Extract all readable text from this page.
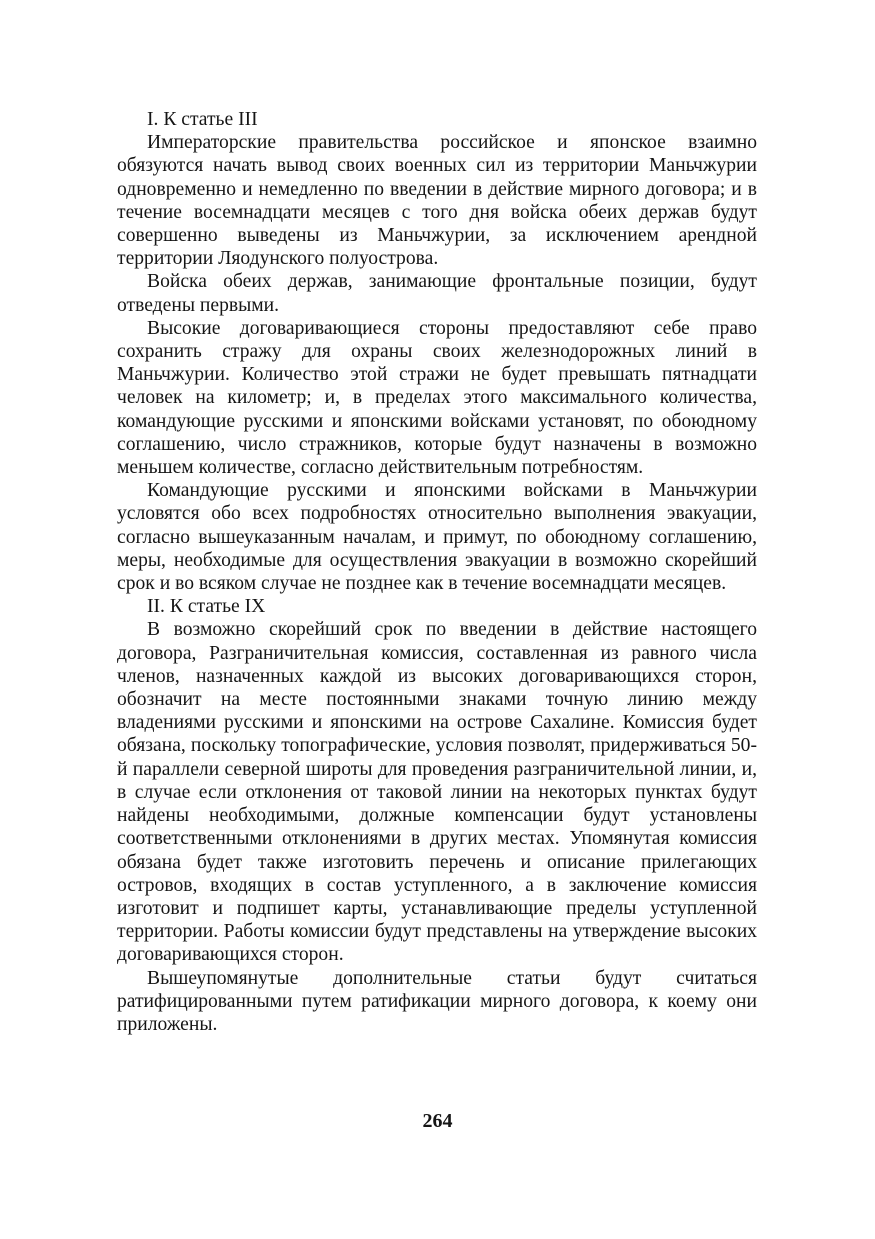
I. К статье III

Императорские правительства российское и японское взаимно обязуются начать вывод своих военных сил из территории Маньчжурии одновременно и немедленно по введении в действие мирного договора; и в течение восемнадцати месяцев с того дня войска обеих держав будут совершенно выведены из Маньчжурии, за исключением арендной территории Ляодунского полуострова.

Войска обеих держав, занимающие фронтальные позиции, будут отведены первыми.

Высокие договаривающиеся стороны предоставляют себе право сохранить стражу для охраны своих железнодорожных линий в Маньчжурии. Количество этой стражи не будет превышать пятнадцати человек на километр; и, в пределах этого максимального количества, командующие русскими и японскими войсками установят, по обоюдному соглашению, число стражников, которые будут назначены в возможно меньшем количестве, согласно действительным потребностям.

Командующие русскими и японскими войсками в Маньчжурии условятся обо всех подробностях относительно выполнения эвакуации, согласно вышеуказанным началам, и примут, по обоюдному соглашению, меры, необходимые для осуществления эвакуации в возможно скорейший срок и во всяком случае не позднее как в течение восемнадцати месяцев.

II. К статье IX

В возможно скорейший срок по введении в действие настоящего договора, Разграничительная комиссия, составленная из равного числа членов, назначенных каждой из высоких договаривающихся сторон, обозначит на месте постоянными знаками точную линию между владениями русскими и японскими на острове Сахалине. Комиссия будет обязана, поскольку топографические, условия позволят, придерживаться 50-й параллели северной широты для проведения разграничительной линии, и, в случае если отклонения от таковой линии на некоторых пунктах будут найдены необходимыми, должные компенсации будут установлены соответственными отклонениями в других местах. Упомянутая комиссия обязана будет также изготовить перечень и описание прилегающих островов, входящих в состав уступленного, а в заключение комиссия изготовит и подпишет карты, устанавливающие пределы уступленной территории. Работы комиссии будут представлены на утверждение высоких договаривающихся сторон.

Вышеупомянутые дополнительные статьи будут считаться ратифицированными путем ратификации мирного договора, к коему они приложены.

264
